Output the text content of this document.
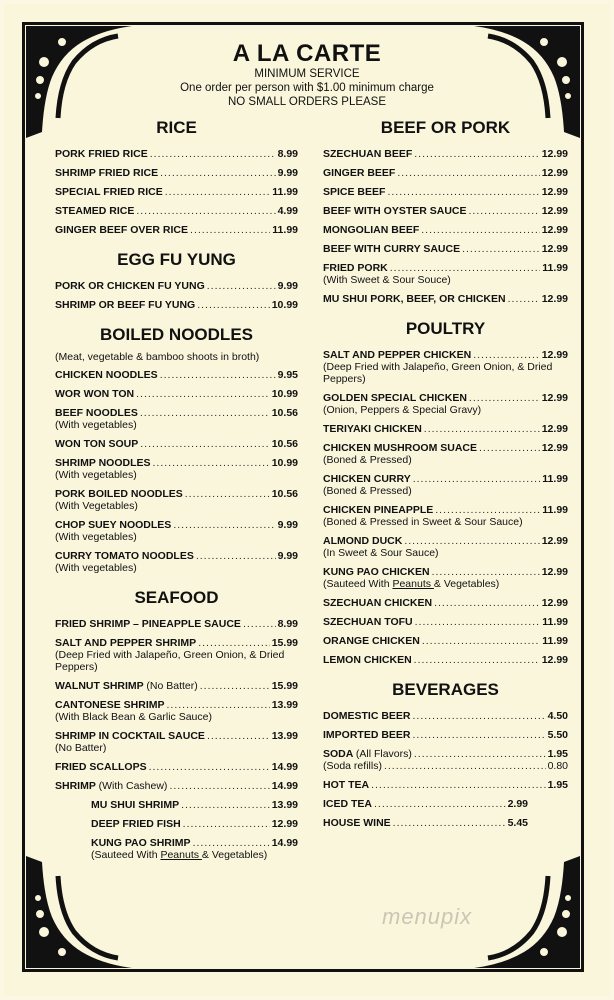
A LA CARTE
MINIMUM SERVICE
One order per person with $1.00 minimum charge
NO SMALL ORDERS PLEASE
RICE
PORK FRIED RICE .....	8.99
SHRIMP FRIED RICE .....	9.99
SPECIAL FRIED RICE .....	11.99
STEAMED RICE .....	4.99
GINGER BEEF OVER RICE .....	11.99
EGG FU YUNG
PORK OR CHICKEN FU YUNG .....	9.99
SHRIMP OR BEEF FU YUNG .....	10.99
BOILED NOODLES
(Meat, vegetable & bamboo shoots in broth)
CHICKEN NOODLES .....	9.95
WOR WON TON .....	10.99
BEEF NOODLES .....	10.56
(With vegetables)
WON TON SOUP .....	10.56
SHRIMP NOODLES .....	10.99
(With vegetables)
PORK BOILED NOODLES .....	10.56
(With Vegetables)
CHOP SUEY NOODLES .....	9.99
(With vegetables)
CURRY TOMATO NOODLES .....	9.99
(With vegetables)
SEAFOOD
FRIED SHRIMP – PINEAPPLE SAUCE .....	8.99
SALT AND PEPPER SHRIMP .....	15.99
(Deep Fried with Jalapeño, Green Onion, & Dried Peppers)
WALNUT SHRIMP (No Batter) .....	15.99
CANTONESE SHRIMP .....	13.99
(With Black Bean & Garlic Sauce)
SHRIMP IN COCKTAIL SAUCE .....	13.99
(No Batter)
FRIED SCALLOPS .....	14.99
SHRIMP (With Cashew) .....	14.99
MU SHUI SHRIMP .....	13.99
DEEP FRIED FISH .....	12.99
KUNG PAO SHRIMP .....	14.99
(Sauteed With Peanuts & Vegetables)
BEEF OR PORK
SZECHUAN BEEF .....	12.99
GINGER BEEF .....	12.99
SPICE BEEF .....	12.99
BEEF WITH OYSTER SAUCE .....	12.99
MONGOLIAN BEEF .....	12.99
BEEF WITH CURRY SAUCE .....	12.99
FRIED PORK .....	11.99
(With Sweet & Sour Souce)
MU SHUI PORK, BEEF, OR CHICKEN .....	12.99
POULTRY
SALT AND PEPPER CHICKEN .....	12.99
(Deep Fried with Jalapeño, Green Onion, & Dried Peppers)
GOLDEN SPECIAL CHICKEN .....	12.99
(Onion, Peppers & Special Gravy)
TERIYAKI CHICKEN .....	12.99
CHICKEN MUSHROOM SUACE .....	12.99
(Boned & Pressed)
CHICKEN CURRY .....	11.99
(Boned & Pressed)
CHICKEN PINEAPPLE .....	11.99
(Boned & Pressed in Sweet & Sour Sauce)
ALMOND DUCK .....	12.99
(In Sweet & Sour Sauce)
KUNG PAO CHICKEN .....	12.99
(Sauteed With Peanuts & Vegetables)
SZECHUAN CHICKEN .....	12.99
SZECHUAN TOFU .....	11.99
ORANGE CHICKEN .....	11.99
LEMON CHICKEN .....	12.99
BEVERAGES
DOMESTIC BEER .....	4.50
IMPORTED BEER .....	5.50
SODA (All Flavors) .....	1.95
(Soda refills) .....	0.80
HOT TEA .....	1.95
ICED TEA .....	2.99
HOUSE WINE .....	5.45
menupix
